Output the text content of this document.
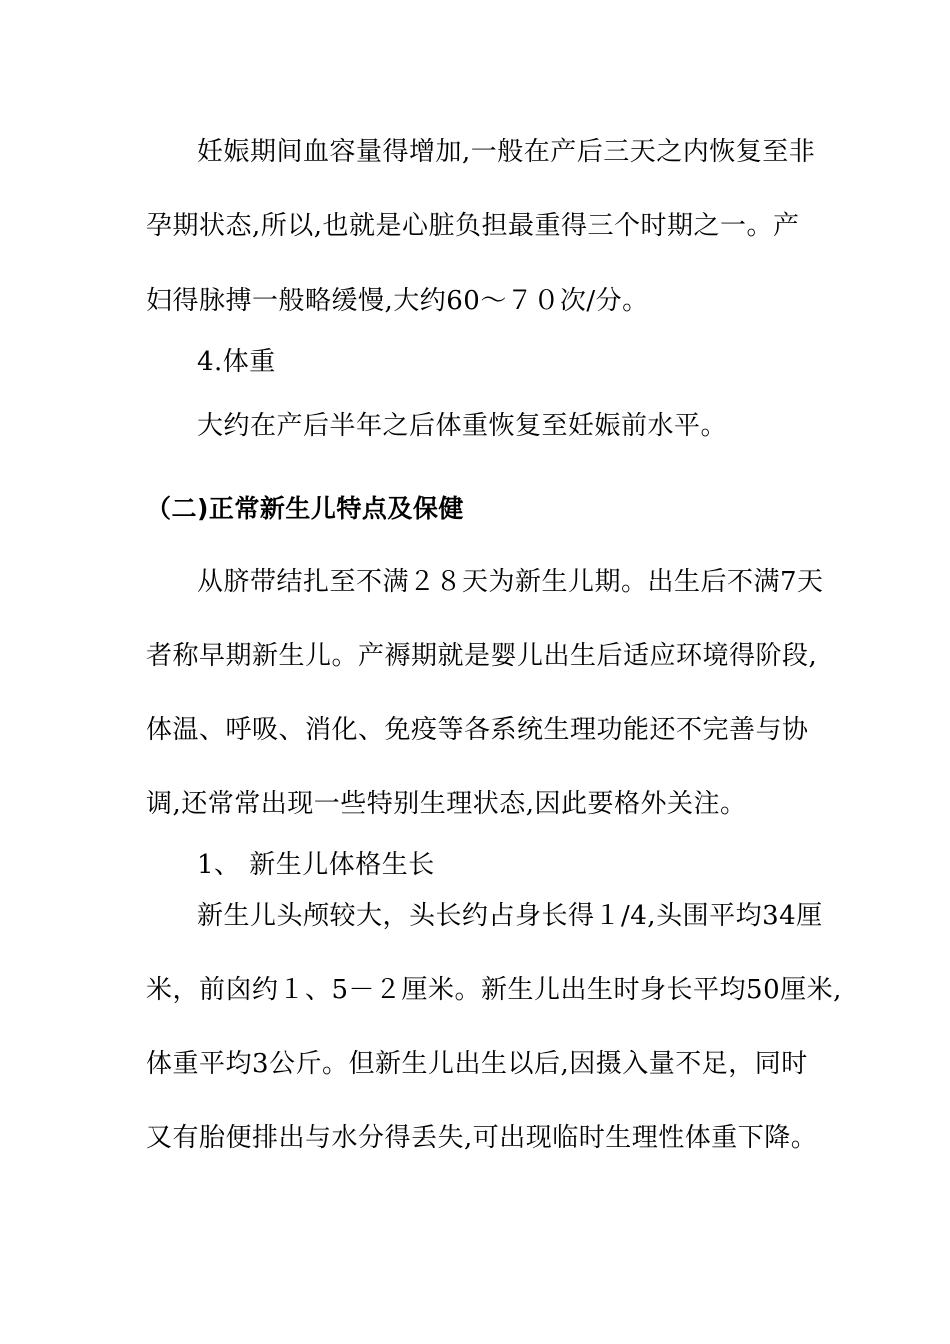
妊娠期间血容量得增加,一般在产后三天之内恢复至非
孕期状态,所以,也就是心脏负担最重得三个时期之一。产
妇得脉搏一般略缓慢,大约60～７０次/分。
4.体重
大约在产后半年之后体重恢复至妊娠前水平。
（二)正常新生儿特点及保健
从脐带结扎至不满２８天为新生儿期。出生后不满7天
者称早期新生儿。产褥期就是婴儿出生后适应环境得阶段,
体温、呼吸、消化、免疫等各系统生理功能还不完善与协
调,还常常出现一些特别生理状态,因此要格外关注。
1、 新生儿体格生长
新生儿头颅较大，头长约占身长得１/4,头围平均34厘
米，前囟约１、5－２厘米。新生儿出生时身长平均50厘米,
体重平均3公斤。但新生儿出生以后,因摄入量不足，同时
又有胎便排出与水分得丢失,可出现临时生理性体重下降。
